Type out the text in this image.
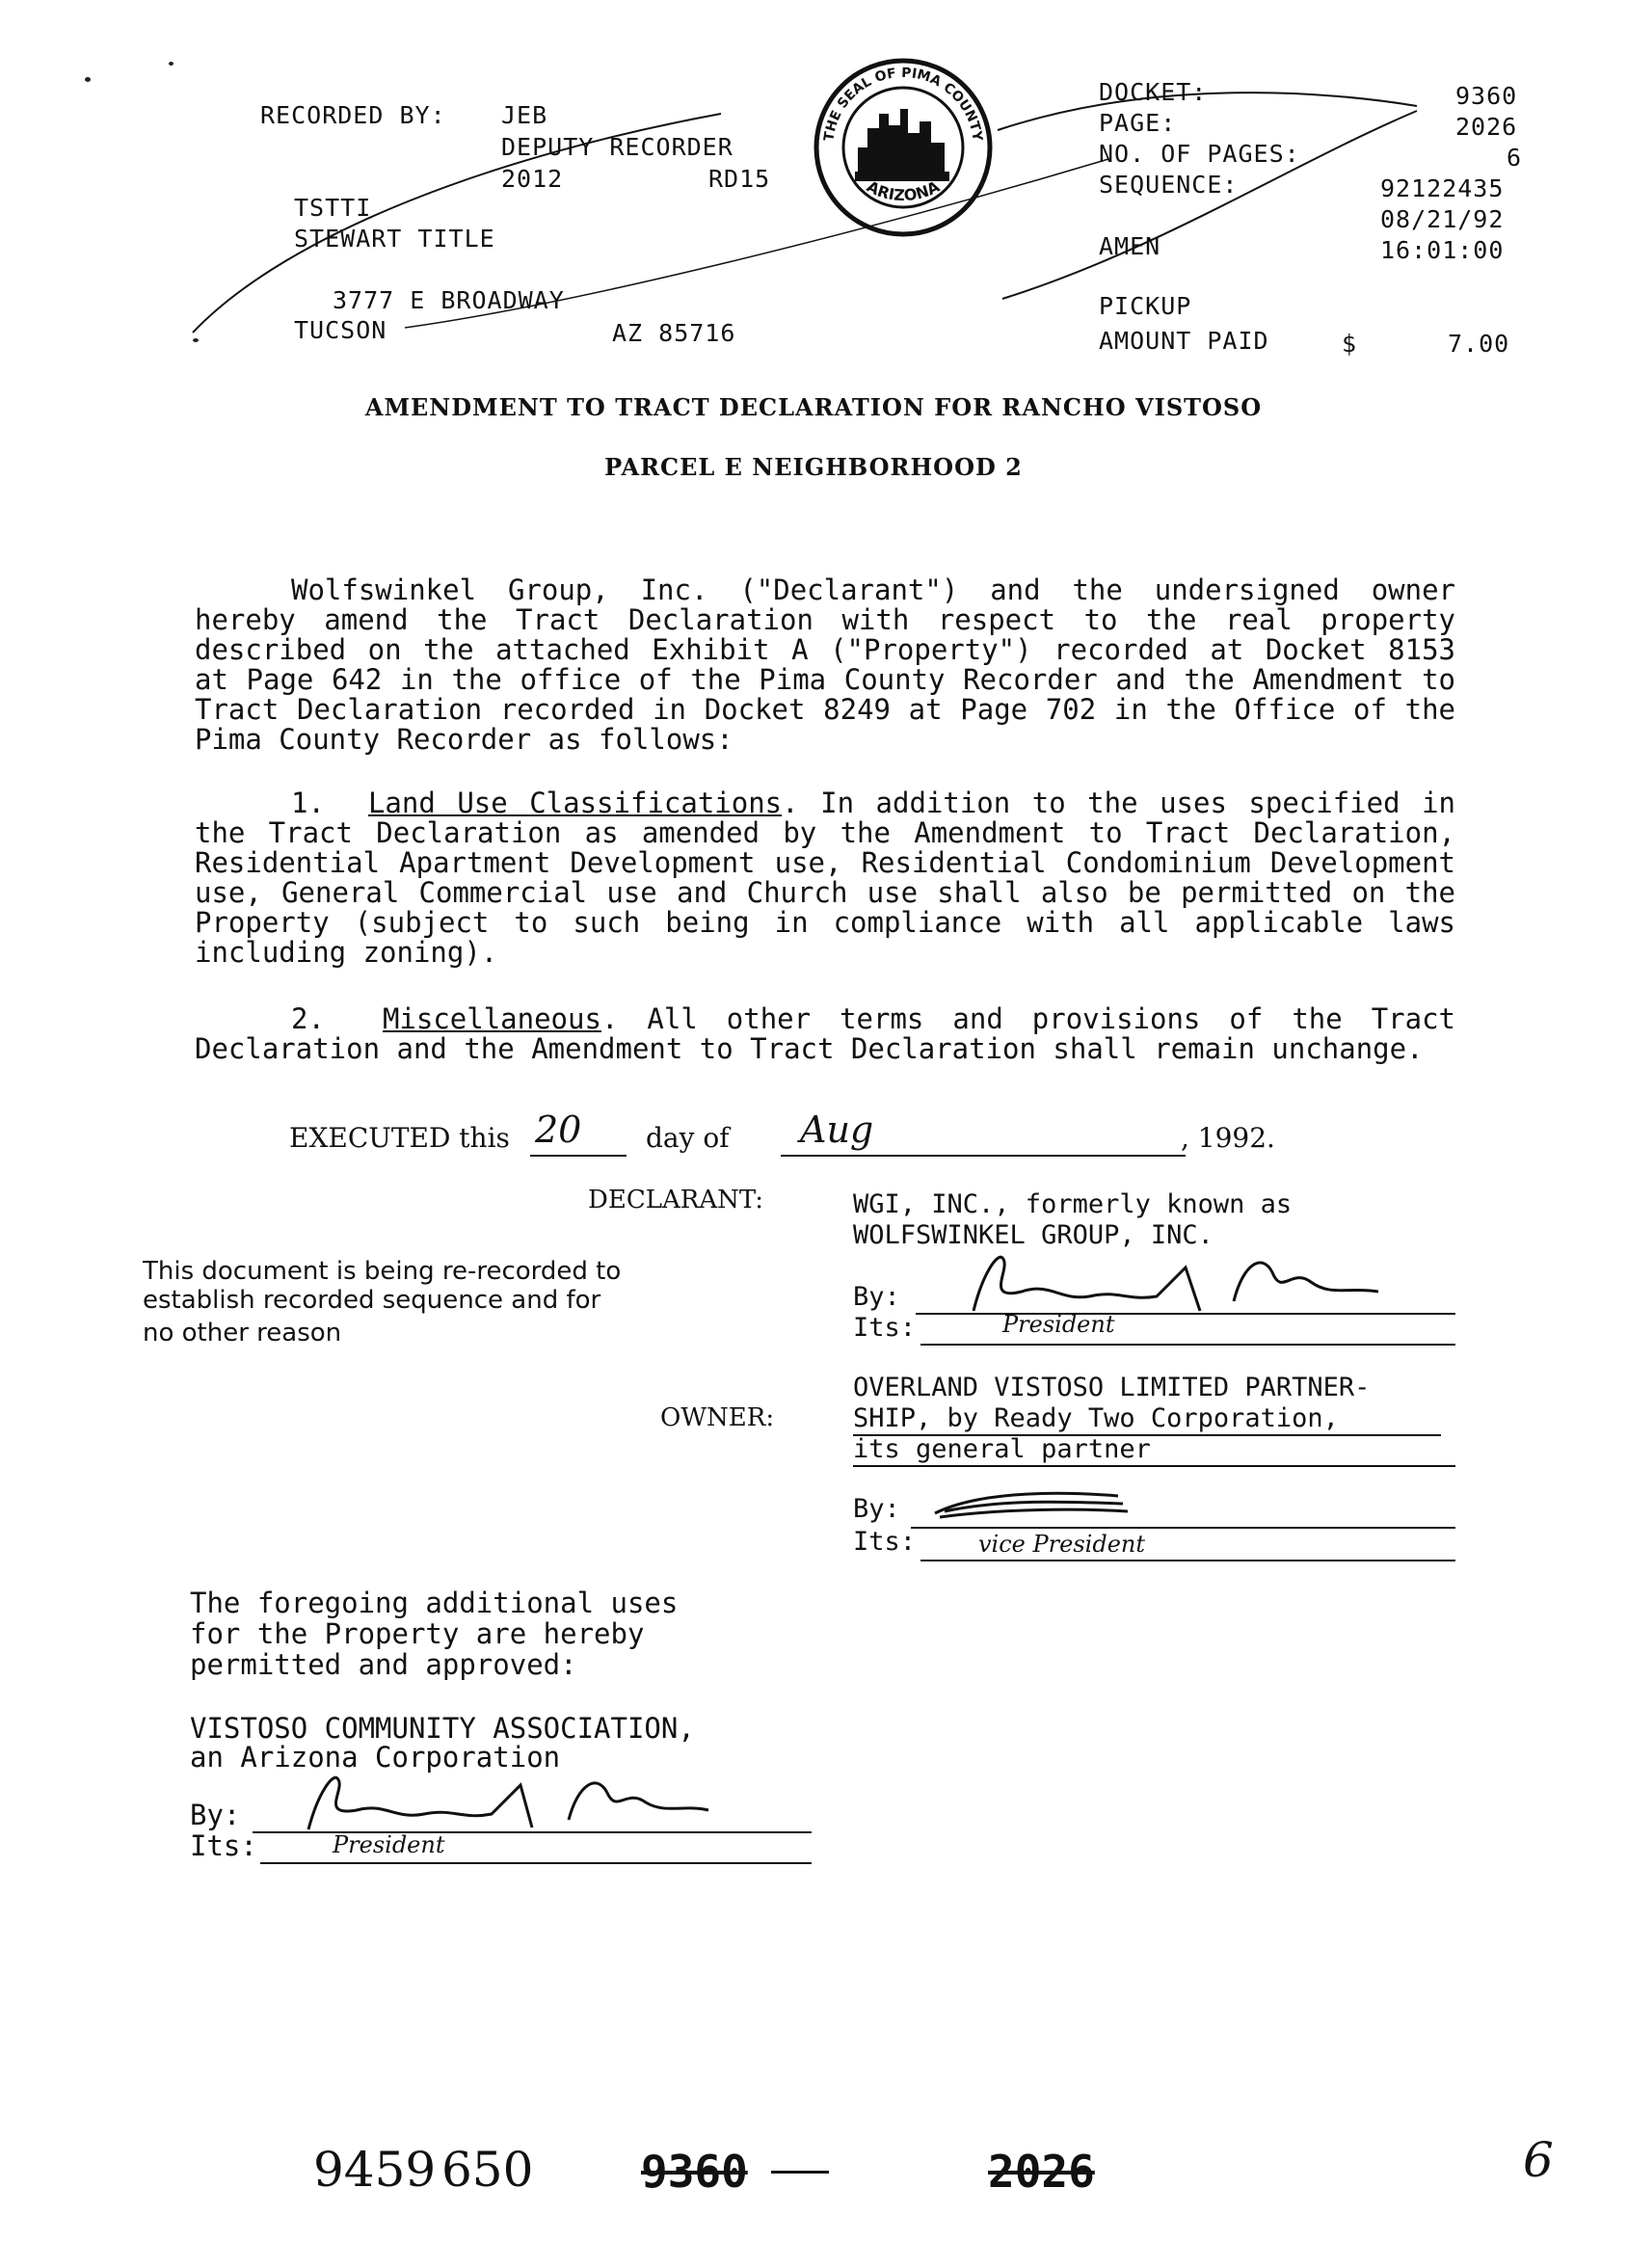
RECORDED BY: JEB
DEPUTY RECORDER
2012	RD15
TSTTI
STEWART TITLE
3777 E BROADWAY
TUCSON	AZ 85716
THE SEAL OF PIMA COUNTY
ARIZONA
DOCKET:	9360
PAGE:	2026
NO. OF PAGES:	6
SEQUENCE:	92122435
08/21/92
AMEN	16:01:00
PICKUP
AMOUNT PAID	$	7.00
AMENDMENT TO TRACT DECLARATION FOR RANCHO VISTOSO
PARCEL E NEIGHBORHOOD 2
Wolfswinkel Group, Inc. ("Declarant") and the undersigned owner hereby amend the Tract Declaration with respect to the real property described on the attached Exhibit A ("Property") recorded at Docket 8153 at Page 642 in the office of the Pima County Recorder and the Amendment to Tract Declaration recorded in Docket 8249 at Page 702 in the Office of the Pima County Recorder as follows:
1. Land Use Classifications. In addition to the uses specified in the Tract Declaration as amended by the Amendment to Tract Declaration, Residential Apartment Development use, Residential Condominium Development use, General Commercial use and Church use shall also be permitted on the Property (subject to such being in compliance with all applicable laws including zoning).
2. Miscellaneous. All other terms and provisions of the Tract Declaration and the Amendment to Tract Declaration shall remain unchange.
EXECUTED this 20 day of Aug	, 1992.
DECLARANT:	WGI, INC., formerly known as
WOLFSWINKEL GROUP, INC.
By:
Its:	President
This document is being re-recorded to
establish recorded sequence and for
no other reason
OWNER:
OVERLAND VISTOSO LIMITED PARTNER-
SHIP, by Ready Two Corporation,
its general partner
By:
Its:	vice President
The foregoing additional uses
for the Property are hereby
permitted and approved:
VISTOSO COMMUNITY ASSOCIATION,
an Arizona Corporation
By:
Its:	President
9459 650 9360	2026	6
